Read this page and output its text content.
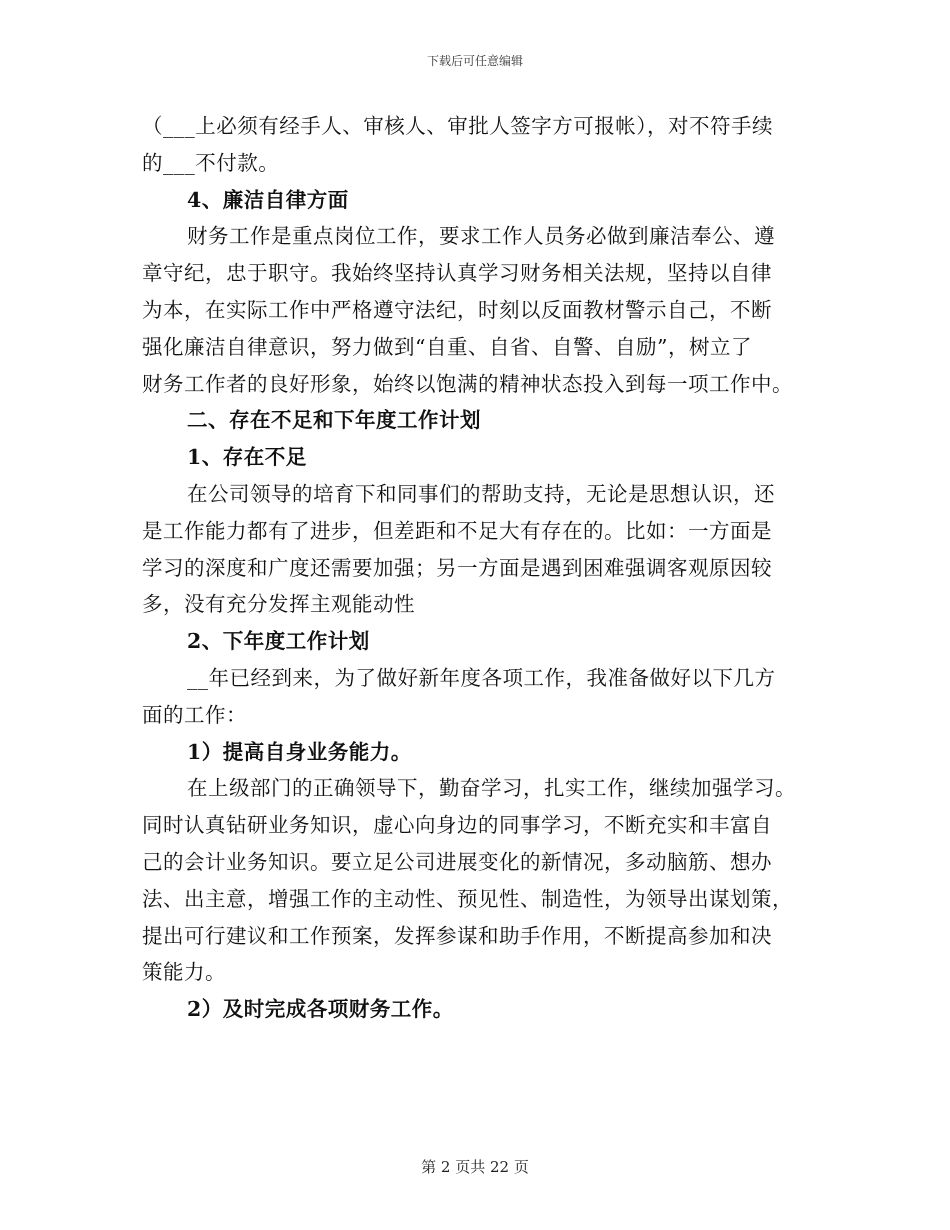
下载后可任意编辑
（___上必须有经手人、审核人、审批人签字方可报帐），对不符手续
的___不付款。
4、廉洁自律方面
财务工作是重点岗位工作，要求工作人员务必做到廉洁奉公、遵
章守纪，忠于职守。我始终坚持认真学习财务相关法规，坚持以自律
为本，在实际工作中严格遵守法纪，时刻以反面教材警示自己，不断
强化廉洁自律意识，努力做到“自重、自省、自警、自励”，树立了
财务工作者的良好形象，始终以饱满的精神状态投入到每一项工作中。
二、存在不足和下年度工作计划
1、存在不足
在公司领导的培育下和同事们的帮助支持，无论是思想认识，还
是工作能力都有了进步，但差距和不足大有存在的。比如：一方面是
学习的深度和广度还需要加强；另一方面是遇到困难强调客观原因较
多，没有充分发挥主观能动性
2、下年度工作计划
__年已经到来，为了做好新年度各项工作，我准备做好以下几方
面的工作：
1）提高自身业务能力。
在上级部门的正确领导下，勤奋学习，扎实工作，继续加强学习。
同时认真钻研业务知识，虚心向身边的同事学习，不断充实和丰富自
己的会计业务知识。要立足公司进展变化的新情况，多动脑筋、想办
法、出主意，增强工作的主动性、预见性、制造性，为领导出谋划策，
提出可行建议和工作预案，发挥参谋和助手作用，不断提高参加和决
策能力。
2）及时完成各项财务工作。
第 2 页共 22 页
